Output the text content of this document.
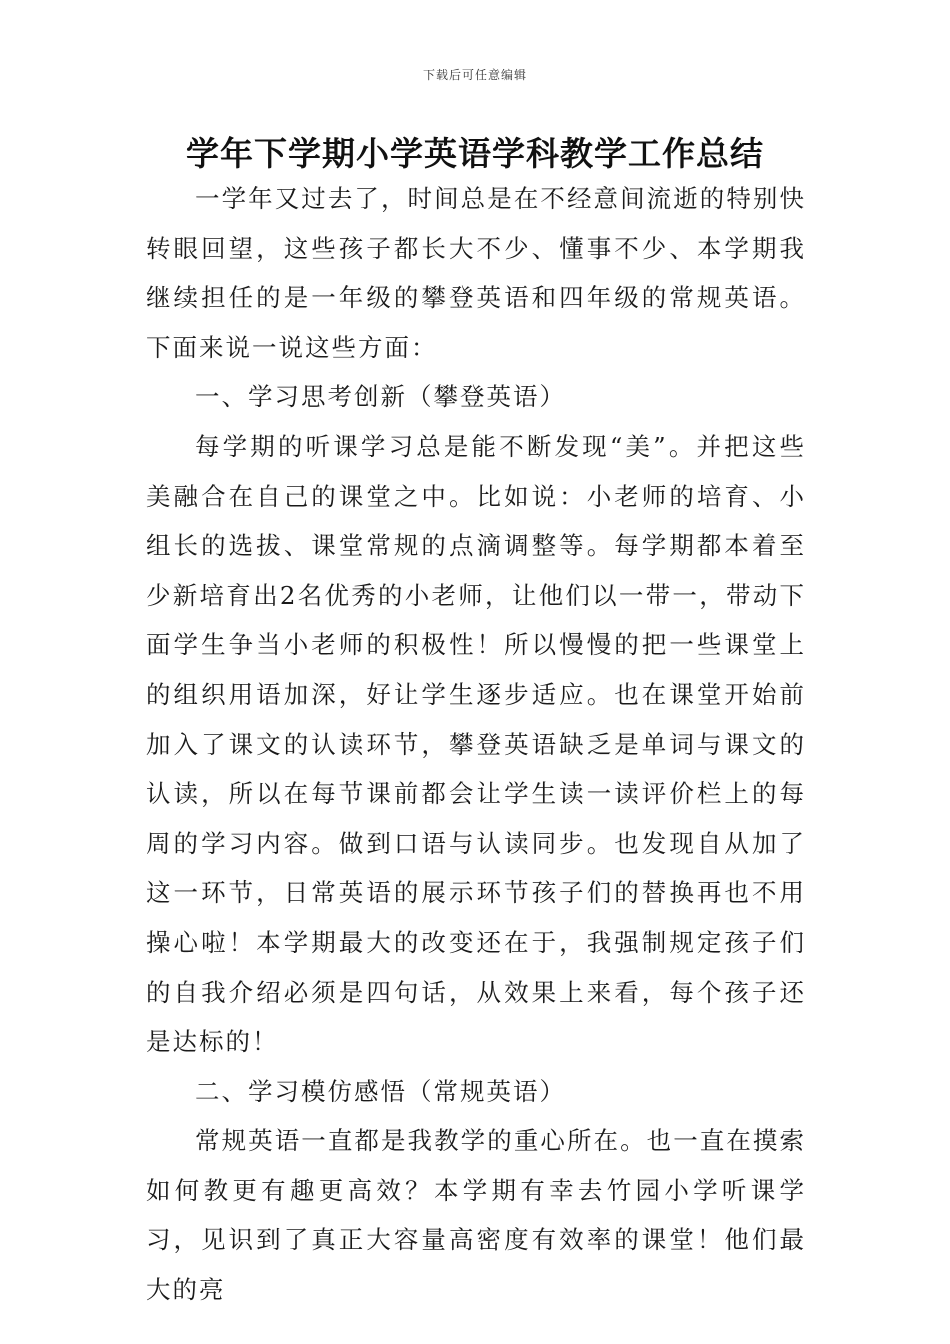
下载后可任意编辑
学年下学期小学英语学科教学工作总结

一学年又过去了，时间总是在不经意间流逝的特别快转眼回望，这些孩子都长大不少、懂事不少、本学期我继续担任的是一年级的攀登英语和四年级的常规英语。下面来说一说这些方面：

一、学习思考创新（攀登英语）

每学期的听课学习总是能不断发现“美”。并把这些美融合在自己的课堂之中。比如说：小老师的培育、小组长的选拔、课堂常规的点滴调整等。每学期都本着至少新培育出2名优秀的小老师，让他们以一带一，带动下面学生争当小老师的积极性！所以慢慢的把一些课堂上的组织用语加深，好让学生逐步适应。也在课堂开始前加入了课文的认读环节，攀登英语缺乏是单词与课文的认读，所以在每节课前都会让学生读一读评价栏上的每周的学习内容。做到口语与认读同步。也发现自从加了这一环节，日常英语的展示环节孩子们的替换再也不用操心啦！本学期最大的改变还在于，我强制规定孩子们的自我介绍必须是四句话，从效果上来看，每个孩子还是达标的！

二、学习模仿感悟（常规英语）

常规英语一直都是我教学的重心所在。也一直在摸索如何教更有趣更高效？本学期有幸去竹园小学听课学习，见识到了真正大容量高密度有效率的课堂！他们最大的亮
